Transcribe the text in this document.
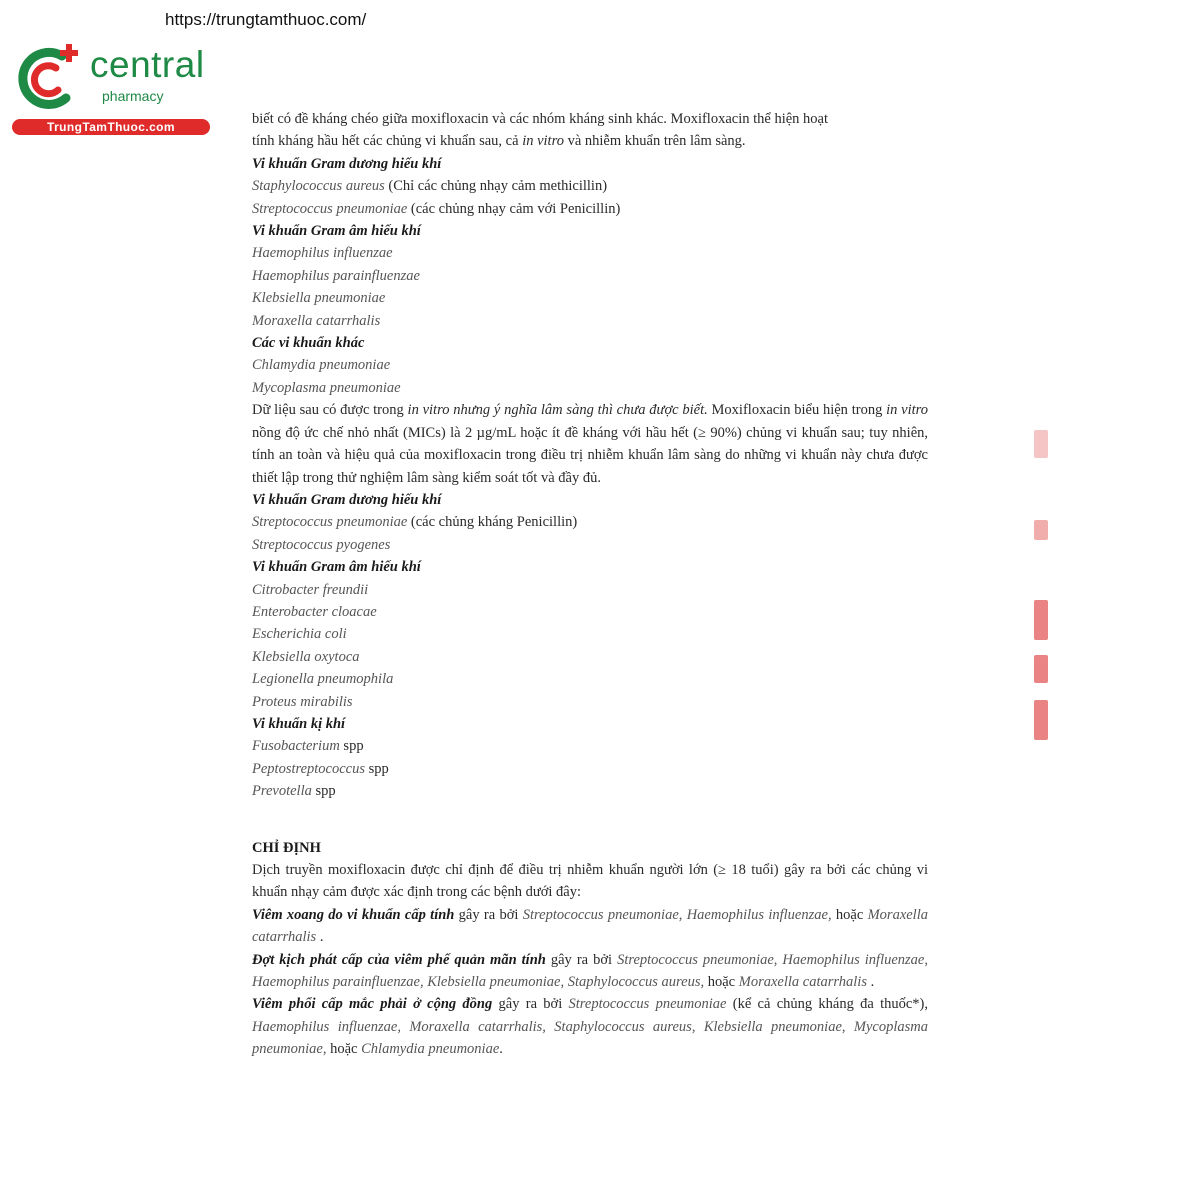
https://trungtamthuoc.com/
central
pharmacy
TrungTamThuoc.com	biết có đề kháng chéo giữa moxifloxacin và các nhóm kháng sinh khác. Moxifloxacin thể hiện hoạt

tính kháng hầu hết các chủng vi khuẩn sau, cả in vitro và nhiễm khuẩn trên lâm sàng.

Vi khuẩn Gram dương hiếu khí

Staphylococcus aureus (Chỉ các chủng nhạy cảm methicillin)

Streptococcus pneumoniae (các chủng nhạy cảm với Penicillin)

Vi khuẩn Gram âm hiếu khí

Haemophilus influenzae

Haemophilus parainfluenzae

Klebsiella pneumoniae

Moraxella catarrhalis

Các vi khuẩn khác

Chlamydia pneumoniae

Mycoplasma pneumoniae

Dữ liệu sau có được trong in vitro nhưng ý nghĩa lâm sàng thì chưa được biết. Moxifloxacin biểu hiện trong in vitro nồng độ ức chế nhỏ nhất (MICs) là 2 µg/mL hoặc ít đề kháng với hầu hết (≥ 90%) chủng vi khuẩn sau; tuy nhiên, tính an toàn và hiệu quả của moxifloxacin trong điều trị nhiễm khuẩn lâm sàng do những vi khuẩn này chưa được thiết lập trong thử nghiệm lâm sàng kiểm soát tốt và đầy đủ.

Vi khuẩn Gram dương hiếu khí

Streptococcus pneumoniae (các chủng kháng Penicillin)

Streptococcus pyogenes

Vi khuẩn Gram âm hiếu khí

Citrobacter freundii

Enterobacter cloacae

Escherichia coli

Klebsiella oxytoca

Legionella pneumophila

Proteus mirabilis

Vi khuẩn kị khí

Fusobacterium spp

Peptostreptococcus spp

Prevotella spp

CHỈ ĐỊNH

Dịch truyền moxifloxacin được chỉ định để điều trị nhiễm khuẩn người lớn (≥ 18 tuổi) gây ra bởi các chủng vi khuẩn nhạy cảm được xác định trong các bệnh dưới đây:

Viêm xoang do vi khuẩn cấp tính gây ra bởi Streptococcus pneumoniae, Haemophilus influenzae, hoặc Moraxella catarrhalis .

Đợt kịch phát cấp của viêm phế quản mãn tính gây ra bởi Streptococcus pneumoniae, Haemophilus influenzae, Haemophilus parainfluenzae, Klebsiella pneumoniae, Staphylococcus aureus, hoặc Moraxella catarrhalis .

Viêm phổi cấp mắc phải ở cộng đồng gây ra bởi Streptococcus pneumoniae (kể cả chủng kháng đa thuốc*), Haemophilus influenzae, Moraxella catarrhalis, Staphylococcus aureus, Klebsiella pneumoniae, Mycoplasma pneumoniae, hoặc Chlamydia pneumoniae.
